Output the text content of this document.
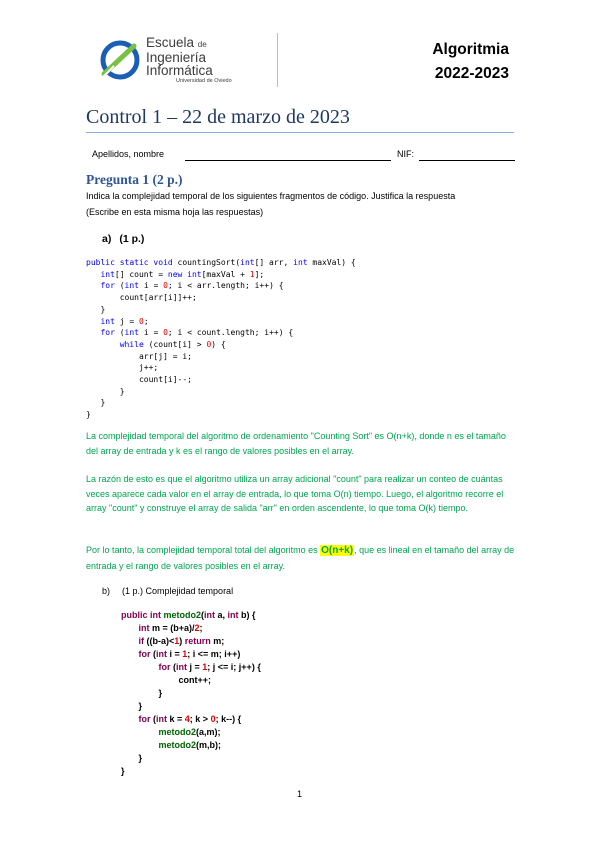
Escuela de
Ingeniería
Informática
Universidad de Oviedo
Algoritmia
2022-2023
Control 1 – 22 de marzo de 2023
Apellidos, nombre	NIF:
Pregunta 1 (2 p.)
Indica la complejidad temporal de los siguientes fragmentos de código. Justifica la respuesta
(Escribe en esta misma hoja las respuestas)
a) (1 p.)
public static void countingSort(int[] arr, int maxVal) {
int[] count = new int[maxVal + 1];
for (int i = 0; i < arr.length; i++) {
count[arr[i]]++;
}
int j = 0;
for (int i = 0; i < count.length; i++) {
while (count[i] > 0) {
arr[j] = i;
j++;
count[i]--;
}
}
}
La complejidad temporal del algoritmo de ordenamiento "Counting Sort" es O(n+k), donde n es el tamaño del array de entrada y k es el rango de valores posibles en el array.
La razón de esto es que el algoritmo utiliza un array adicional "count" para realizar un conteo de cuántas veces aparece cada valor en el array de entrada, lo que toma O(n) tiempo. Luego, el algoritmo recorre el array "count" y construye el array de salida "arr" en orden ascendente, lo que toma O(k) tiempo.
Por lo tanto, la complejidad temporal total del algoritmo es O(n+k), que es lineal en el tamaño del array de entrada y el rango de valores posibles en el array.
b) (1 p.) Complejidad temporal
public int metodo2(int a, int b) {
int m = (b+a)/2;
if ((b-a)<1) return m;
for (int i = 1; i <= m; i++)
for (int j = 1; j <= i; j++) {
cont++;
}
}
for (int k = 4; k > 0; k--) {
metodo2(a,m);
metodo2(m,b);
}
}
1
